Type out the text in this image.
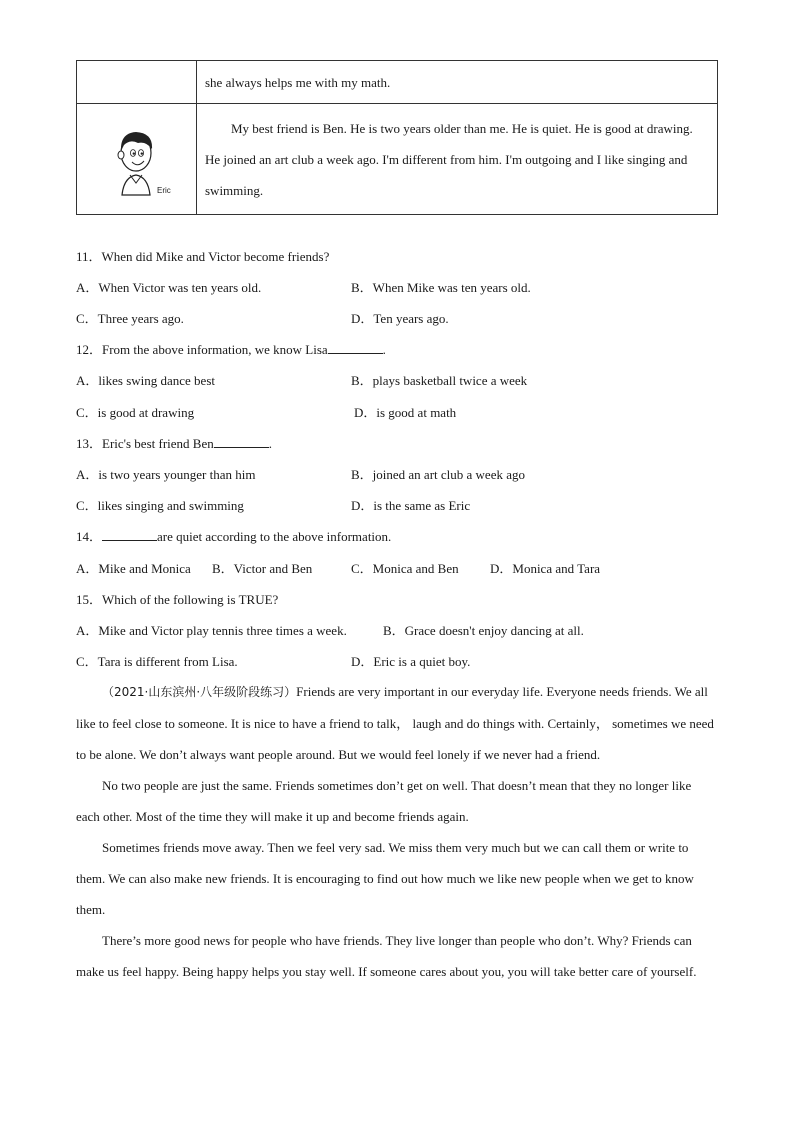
	she always helps me with my math.

Eric	My best friend is Ben. He is two years older than me. He is quiet. He is good at drawing. He joined an art club a week ago. I'm different from him. I'm outgoing and I like singing and swimming.
11．When did Mike and Victor become friends?
A．When Victor was ten years old.	B．When Mike was ten years old.
C．Three years ago.	D．Ten years ago.
12．From the above information, we know Lisa	.
A．likes swing dance best	B．plays basketball twice a week
C．is good at drawing	D．is good at math
13．Eric's best friend Ben	.
A．is two years younger than him	B．joined an art club a week ago
C．likes singing and swimming	D．is the same as Eric
14．	are quiet according to the above information.
A．Mike and Monica B．Victor and Ben	C．Monica and Ben D．Monica and Tara
15．Which of the following is TRUE?
A．Mike and Victor play tennis three times a week.	B．Grace doesn't enjoy dancing at all.
C．Tara is different from Lisa.	D．Eric is a quiet boy.

（2021·山东滨州·八年级阶段练习）Friends are very important in our everyday life. Everyone needs friends. We all like to feel close to someone. It is nice to have a friend to talk， laugh and do things with. Certainly， sometimes we need to be alone. We don’t always want people around. But we would feel lonely if we never had a friend.

No two people are just the same. Friends sometimes don’t get on well. That doesn’t mean that they no longer like each other. Most of the time they will make it up and become friends again.

Sometimes friends move away. Then we feel very sad. We miss them very much but we can call them or write to them. We can also make new friends. It is encouraging to find out how much we like new people when we get to know them.

There’s more good news for people who have friends. They live longer than people who don’t. Why? Friends can make us feel happy. Being happy helps you stay well. If someone cares about you, you will take better care of yourself.
